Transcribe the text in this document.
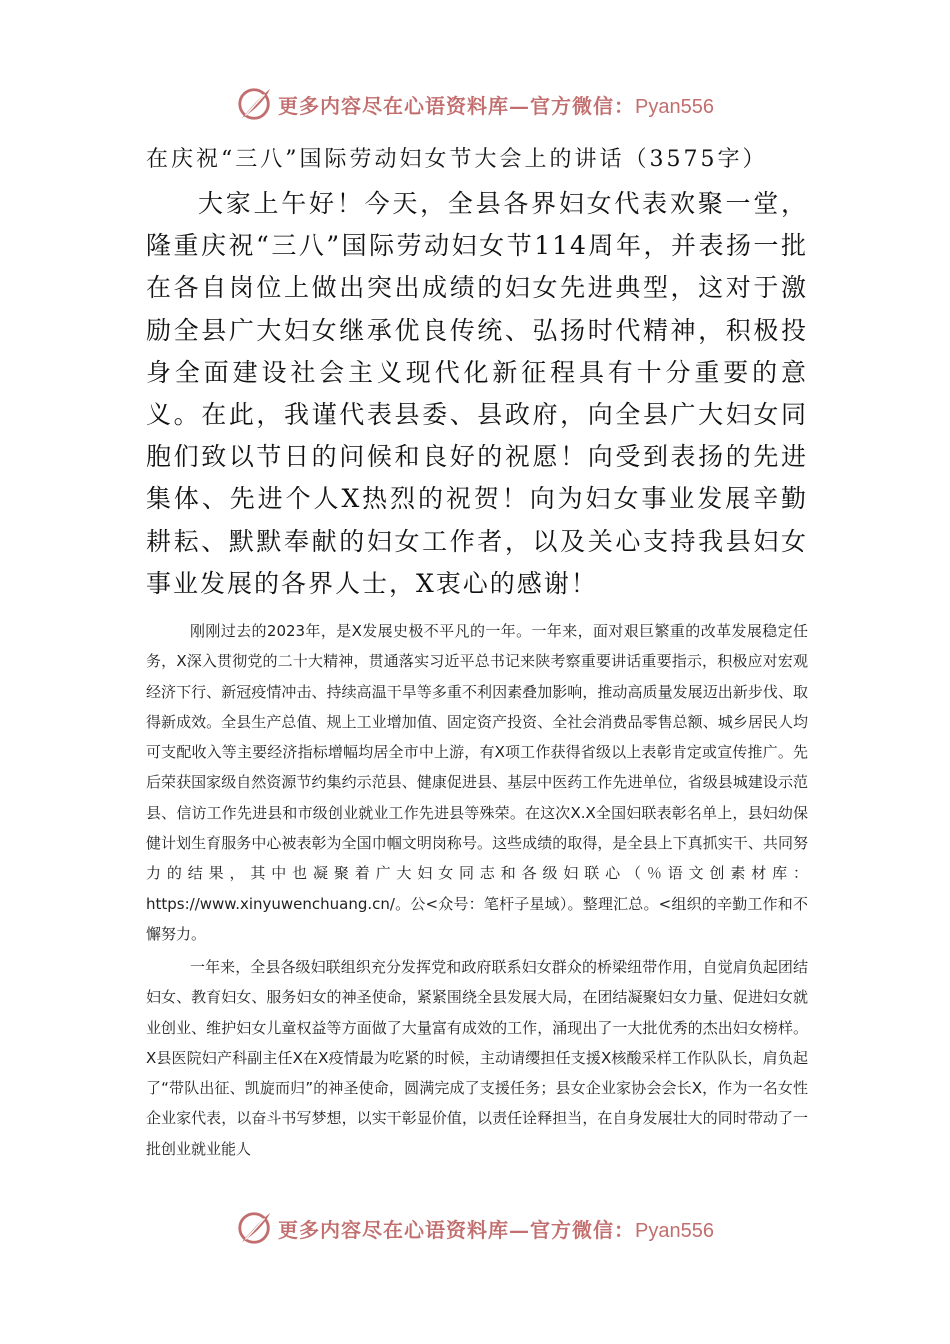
更多内容尽在心语资料库—官方微信：Pyan556
在庆祝“三八”国际劳动妇女节大会上的讲话（3575字）

大家上午好！今天，全县各界妇女代表欢聚一堂，隆重庆祝“三八”国际劳动妇女节114周年，并表扬一批在各自岗位上做出突出成绩的妇女先进典型，这对于激励全县广大妇女继承优良传统、弘扬时代精神，积极投身全面建设社会主义现代化新征程具有十分重要的意义。在此，我谨代表县委、县政府，向全县广大妇女同胞们致以节日的问候和良好的祝愿！向受到表扬的先进集体、先进个人X热烈的祝贺！向为妇女事业发展辛勤耕耘、默默奉献的妇女工作者，以及关心支持我县妇女事业发展的各界人士，X衷心的感谢！

刚刚过去的2023年，是X发展史极不平凡的一年。一年来，面对艰巨繁重的改革发展稳定任务，X深入贯彻党的二十大精神，贯通落实习近平总书记来陕考察重要讲话重要指示，积极应对宏观经济下行、新冠疫情冲击、持续高温干旱等多重不利因素叠加影响，推动高质量发展迈出新步伐、取得新成效。全县生产总值、规上工业增加值、固定资产投资、全社会消费品零售总额、城乡居民人均可支配收入等主要经济指标增幅均居全市中上游，有X项工作获得省级以上表彰肯定或宣传推广。先后荣获国家级自然资源节约集约示范县、健康促进县、基层中医药工作先进单位，省级县城建设示范县、信访工作先进县和市级创业就业工作先进县等殊荣。在这次X.X全国妇联表彰名单上，县妇幼保健计划生育服务中心被表彰为全国巾帼文明岗称号。这些成绩的取得，是全县上下真抓实干、共同努力的结果，其中也凝聚着广大妇女同志和各级妇联心（％语文创素材库：https://www.xinyuwenchuang.cn/。公<众号：笔杆子星域）。整理汇总。<组织的辛勤工作和不懈努力。

一年来，全县各级妇联组织充分发挥党和政府联系妇女群众的桥梁纽带作用，自觉肩负起团结妇女、教育妇女、服务妇女的神圣使命，紧紧围绕全县发展大局，在团结凝聚妇女力量、促进妇女就业创业、维护妇女儿童权益等方面做了大量富有成效的工作，涌现出了一大批优秀的杰出妇女榜样。X县医院妇产科副主任X在X疫情最为吃紧的时候，主动请缨担任支援X核酸采样工作队队长，肩负起了“带队出征、凯旋而归”的神圣使命，圆满完成了支援任务；县女企业家协会会长X，作为一名女性企业家代表，以奋斗书写梦想，以实干彰显价值，以责任诠释担当，在自身发展壮大的同时带动了一批创业就业能人

更多内容尽在心语资料库—官方微信：Pyan556
